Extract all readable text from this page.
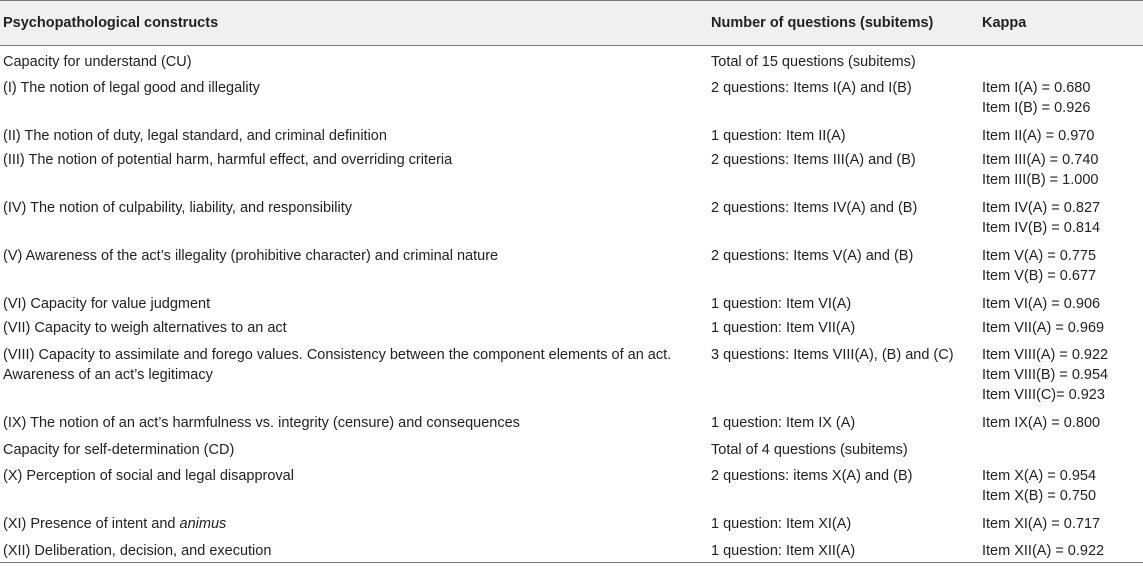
Psychopathological constructs	Number of questions (subitems)	Kappa
Capacity for understand (CU)	Total of 15 questions (subitems)	
(I) The notion of legal good and illegality	2 questions: Items I(A) and I(B)	Item I(A) = 0.680
Item I(B) = 0.926

(II) The notion of duty, legal standard, and criminal definition	1 question: Item II(A)	Item II(A) = 0.970

(III) The notion of potential harm, harmful effect, and overriding criteria	2 questions: Items III(A) and (B)	Item III(A) = 0.740
Item III(B) = 1.000

(IV) The notion of culpability, liability, and responsibility	2 questions: Items IV(A) and (B)	Item IV(A) = 0.827
Item IV(B) = 0.814

(V) Awareness of the act’s illegality (prohibitive character) and criminal nature	2 questions: Items V(A) and (B)	Item V(A) = 0.775
Item V(B) = 0.677

(VI) Capacity for value judgment	1 question: Item VI(A)	Item VI(A) = 0.906

(VII) Capacity to weigh alternatives to an act	1 question: Item VII(A)	Item VII(A) = 0.969

(VIII) Capacity to assimilate and forego values. Consistency between the component elements of an act. Awareness of an act’s legitimacy	3 questions: Items VIII(A), (B) and (C)	Item VIII(A) = 0.922
Item VIII(B) = 0.954
Item VIII(C)= 0.923

(IX) The notion of an act’s harmfulness vs. integrity (censure) and consequences	1 question: Item IX (A)	Item IX(A) = 0.800

Capacity for self-determination (CD)	Total of 4 questions (subitems)	
(X) Perception of social and legal disapproval	2 questions: items X(A) and (B)	Item X(A) = 0.954
Item X(B) = 0.750

(XI) Presence of intent and animus	1 question: Item XI(A)	Item XI(A) = 0.717

(XII) Deliberation, decision, and execution	1 question: Item XII(A)	Item XII(A) = 0.922
